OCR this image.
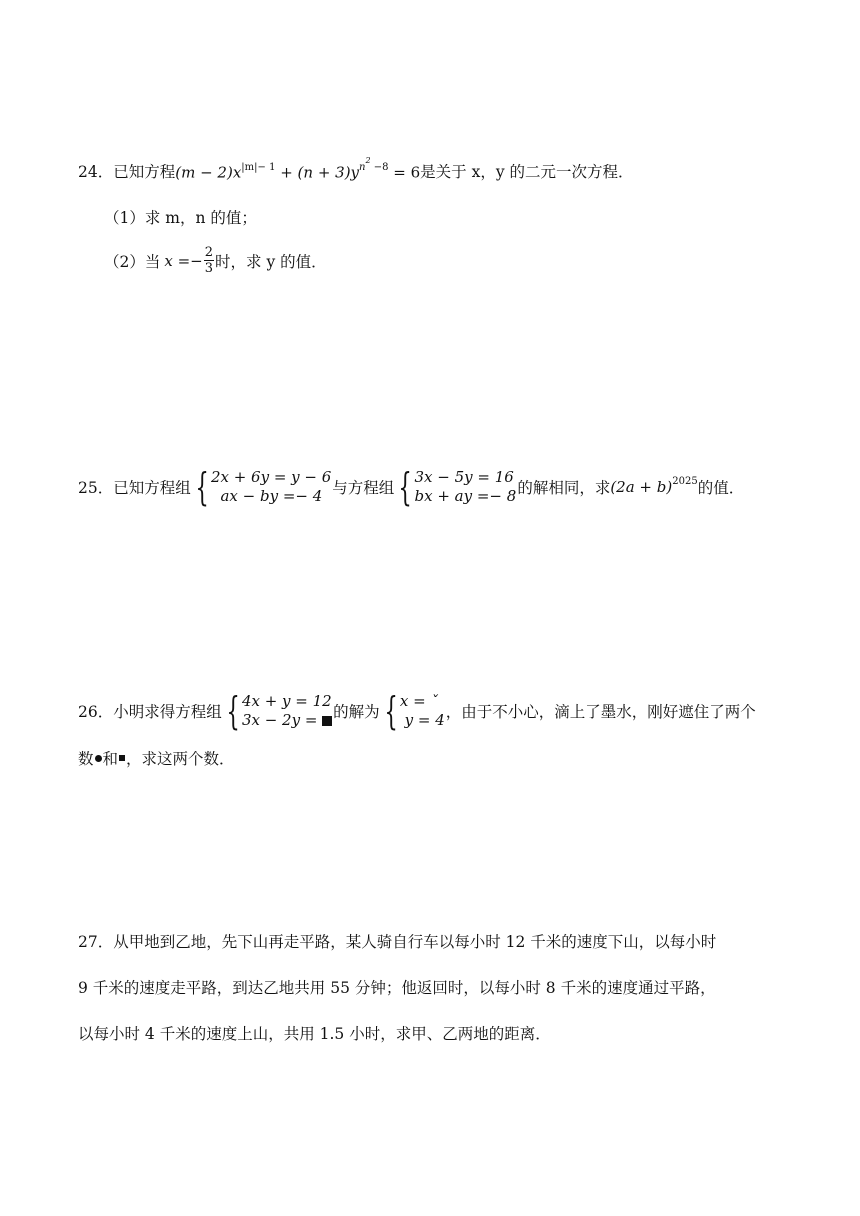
24． 已知方程 $(m - 2)x^{|m|- 1} + (n + 3)y^{n^2 -8} = 6$ 是关于 x，y 的二元一次方程．
（1）求 m，n 的值；
（2）当 $x =- \frac{2}{3}$ 时，求 y 的值．
25． 已知方程组 { 2x + 6y = y − 6
ax − by =− 4 与方程组 { 3x − 5y = 16
bx + ay =− 8 的解相同，求 $(2a + b)^{2025}$ 的值．
26． 小明求得方程组 { 4x + y = 12
3x − 2y = 的解为 { x = ˇ
y = 4 ，由于不小心，滴上了墨水，刚好遮住了两个
数 和 ，求这两个数．
27．从甲地到乙地，先下山再走平路，某人骑自行车以每小时 12 千米的速度下山，以每小时
9 千米的速度走平路，到达乙地共用 55 分钟；他返回时，以每小时 8 千米的速度通过平路，
以每小时 4 千米的速度上山，共用 1.5 小时，求甲、乙两地的距离．
